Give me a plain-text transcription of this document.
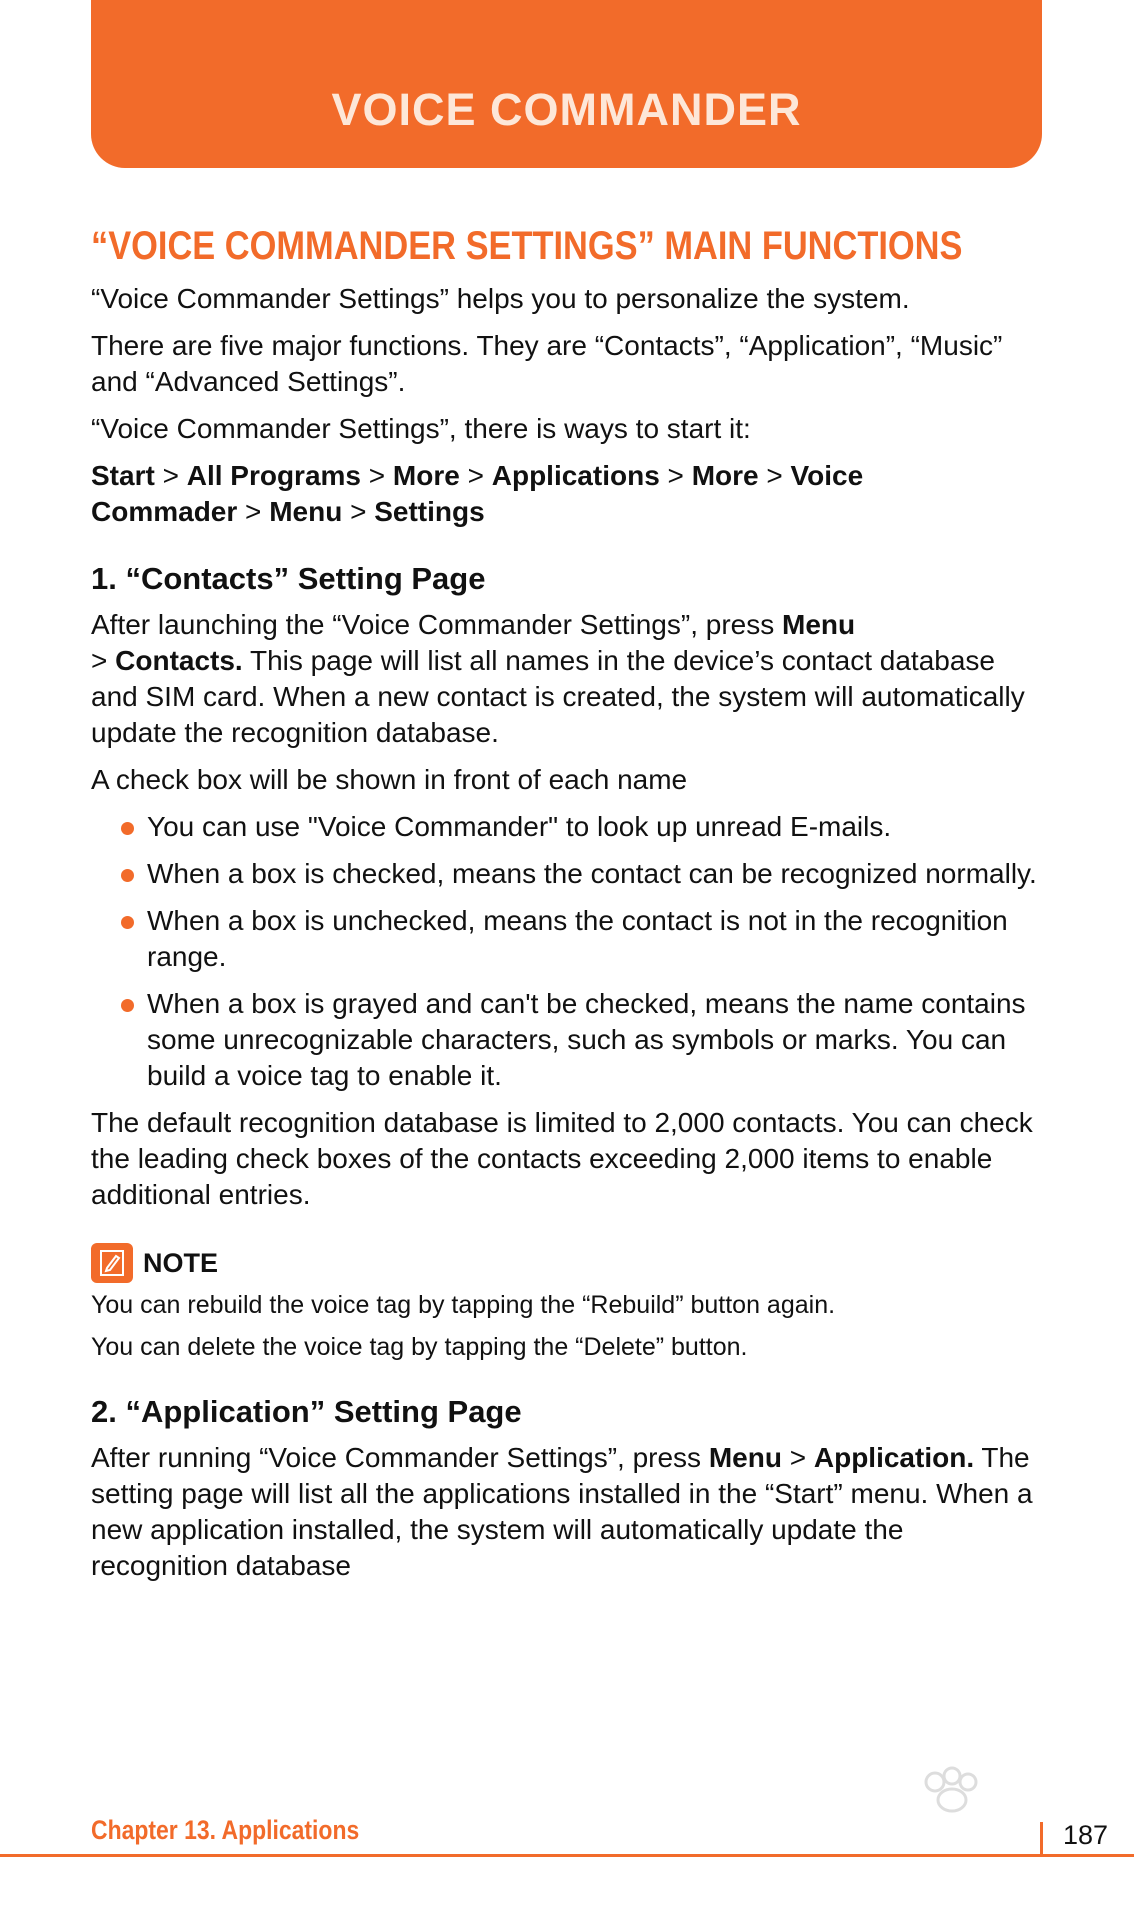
VOICE COMMANDER
“VOICE COMMANDER SETTINGS” MAIN FUNCTIONS

“Voice Commander Settings” helps you to personalize the system.

There are five major functions. They are “Contacts”, “Application”, “Music” and “Advanced Settings”.

“Voice Commander Settings”, there is ways to start it:

Start > All Programs > More > Applications > More > Voice
Commader > Menu > Settings
1. “Contacts” Setting Page

After launching the “Voice Commander Settings”, press Menu
> Contacts. This page will list all names in the device’s contact database and SIM card. When a new contact is created, the system will automatically update the recognition database.

A check box will be shown in front of each name

You can use "Voice Commander" to look up unread E-mails.
When a box is checked, means the contact can be recognized normally.
When a box is unchecked, means the contact is not in the recognition range.
When a box is grayed and can't be checked, means the name contains some unrecognizable characters, such as symbols or marks. You can build a voice tag to enable it.

The default recognition database is limited to 2,000 contacts. You can check the leading check boxes of the contacts exceeding 2,000 items to enable additional entries.

NOTE

You can rebuild the voice tag by tapping the “Rebuild” button again.

You can delete the voice tag by tapping the “Delete” button.

2. “Application” Setting Page

After running “Voice Commander Settings”, press Menu > Application. The setting page will list all the applications installed in the “Start” menu. When a new application installed, the system will automatically update the recognition database

Chapter 13. Applications	187
